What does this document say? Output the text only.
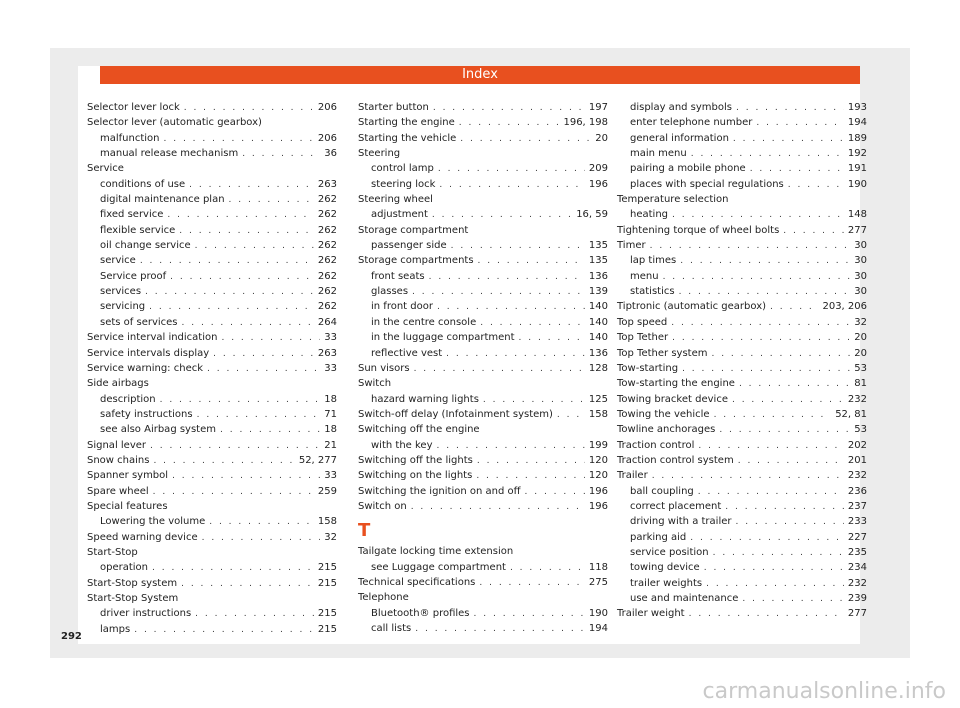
Index
Selector lever lock . . .	206
Selector lever (automatic gearbox)
malfunction . . .	206
manual release mechanism . . .	36
Service
conditions of use . . .	263
digital maintenance plan . . .	262
fixed service . . .	262
flexible service . . .	262
oil change service . . .	262
service . . .	262
Service proof . . .	262
services . . .	262
servicing . . .	262
sets of services . . .	264
Service interval indication . . .	33
Service intervals display . . .	263
Service warning: check . . .	33
Side airbags
description . . .	18
safety instructions . . .	71
see also Airbag system . . .	18
Signal lever . . .	21
Snow chains . . .	52, 277
Spanner symbol . . .	33
Spare wheel . . .	259
Special features
Lowering the volume . . .	158
Speed warning device . . .	32
Start-Stop
operation . . .	215
Start-Stop system . . .	215
Start-Stop System
driver instructions . . .	215
lamps . . .	215
Starter button . . .	197
Starting the engine . . .	196, 198
Starting the vehicle . . .	20
Steering
control lamp . . .	209
steering lock . . .	196
Steering wheel
adjustment . . .	16, 59
Storage compartment
passenger side . . .	135
Storage compartments . . .	135
front seats . . .	136
glasses . . .	139
in front door . . .	140
in the centre console . . .	140
in the luggage compartment . . .	140
reflective vest . . .	136
Sun visors . . .	128
Switch
hazard warning lights . . .	125
Switch-off delay (Infotainment system) . . .	158
Switching off the engine
with the key . . .	199
Switching off the lights . . .	120
Switching on the lights . . .	120
Switching the ignition on and off . . .	196
Switch on . . .	196
T
Tailgate locking time extension
see Luggage compartment . . .	118
Technical specifications . . .	275
Telephone
Bluetooth® profiles . . .	190
call lists . . .	194
display and symbols . . .	193
enter telephone number . . .	194
general information . . .	189
main menu . . .	192
pairing a mobile phone . . .	191
places with special regulations . . .	190
Temperature selection
heating . . .	148
Tightening torque of wheel bolts . . .	277
Timer . . .	30
lap times . . .	30
menu . . .	30
statistics . . .	30
Tiptronic (automatic gearbox) . . .	203, 206
Top speed . . .	32
Top Tether . . .	20
Top Tether system . . .	20
Tow-starting . . .	53
Tow-starting the engine . . .	81
Towing bracket device . . .	232
Towing the vehicle . . .	52, 81
Towline anchorages . . .	53
Traction control . . .	202
Traction control system . . .	201
Trailer . . .	232
ball coupling . . .	236
correct placement . . .	237
driving with a trailer . . .	233
parking aid . . .	227
service position . . .	235
towing device . . .	234
trailer weights . . .	232
use and maintenance . . .	239
Trailer weight . . .	277
292
carmanualsonline.info
